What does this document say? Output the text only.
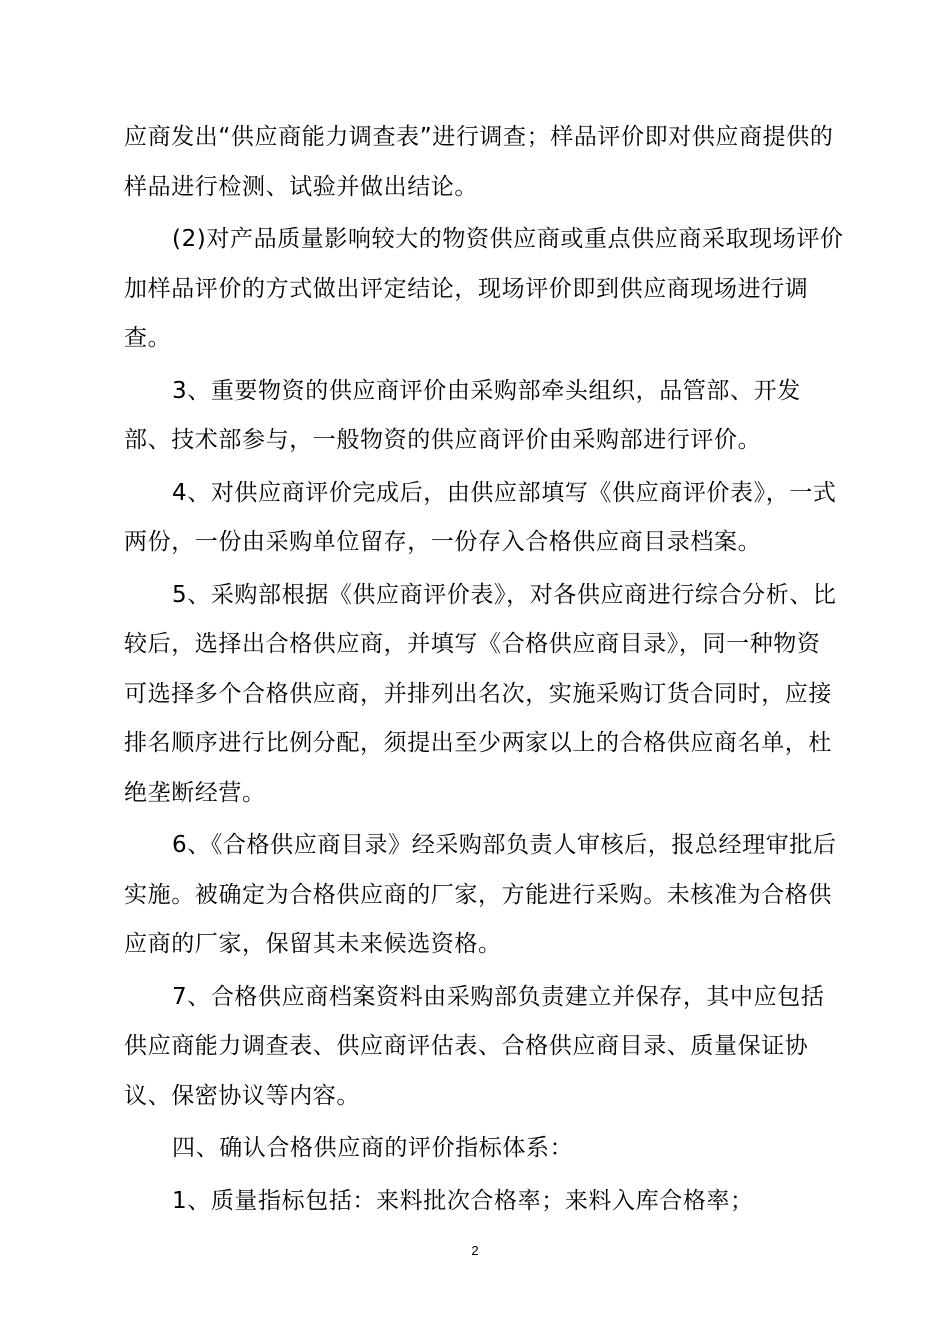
应商发出“供应商能力调查表”进行调查；样品评价即对供应商提供的样品进行检测、试验并做出结论。

(2)对产品质量影响较大的物资供应商或重点供应商采取现场评价加样品评价的方式做出评定结论，现场评价即到供应商现场进行调查。

3、重要物资的供应商评价由采购部牵头组织，品管部、开发部、技术部参与，一般物资的供应商评价由采购部进行评价。

4、对供应商评价完成后，由供应部填写《供应商评价表》，一式两份，一份由采购单位留存，一份存入合格供应商目录档案。

5、采购部根据《供应商评价表》，对各供应商进行综合分析、比较后，选择出合格供应商，并填写《合格供应商目录》，同一种物资可选择多个合格供应商，并排列出名次，实施采购订货合同时，应接排名顺序进行比例分配，须提出至少两家以上的合格供应商名单，杜绝垄断经营。

6、《合格供应商目录》经采购部负责人审核后，报总经理审批后实施。被确定为合格供应商的厂家，方能进行采购。未核准为合格供应商的厂家，保留其未来候选资格。

7、合格供应商档案资料由采购部负责建立并保存，其中应包括供应商能力调查表、供应商评估表、合格供应商目录、质量保证协议、保密协议等内容。

四、确认合格供应商的评价指标体系：

1、质量指标包括：来料批次合格率；来料入库合格率；

2
